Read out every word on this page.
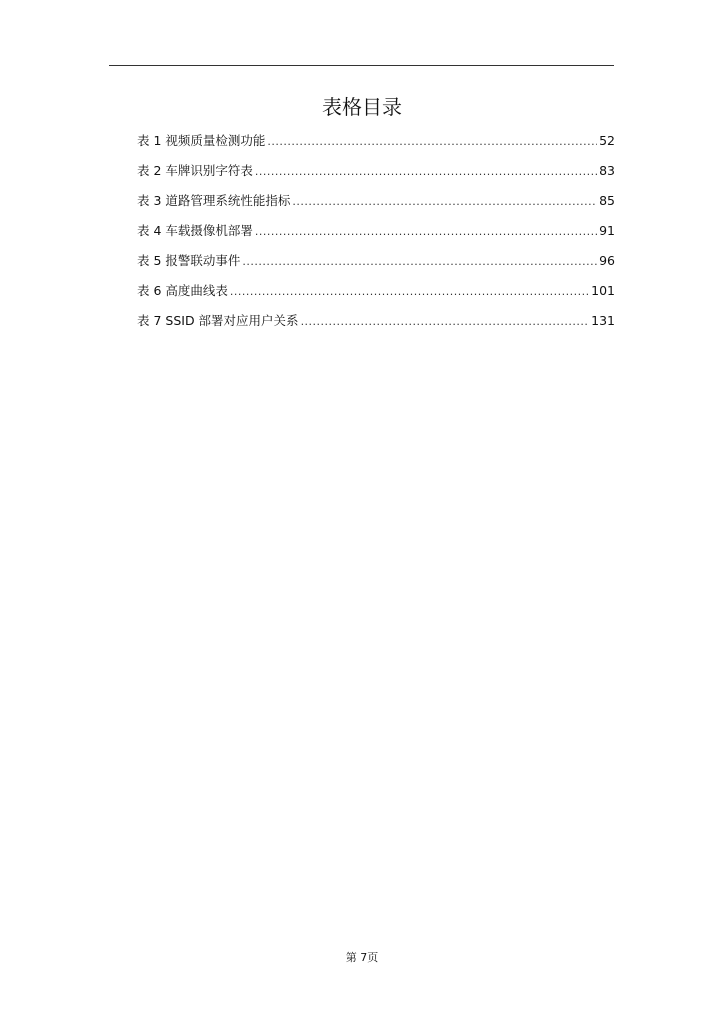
表格目录
表 1 视频质量检测功能 .....	52
表 2 车牌识别字符表 .....	83
表 3 道路管理系统性能指标 .....	85
表 4 车载摄像机部署 .....	91
表 5 报警联动事件 .....	96
表 6 高度曲线表 .....	101
表 7 SSID 部署对应用户关系 .....	131
第 7页
